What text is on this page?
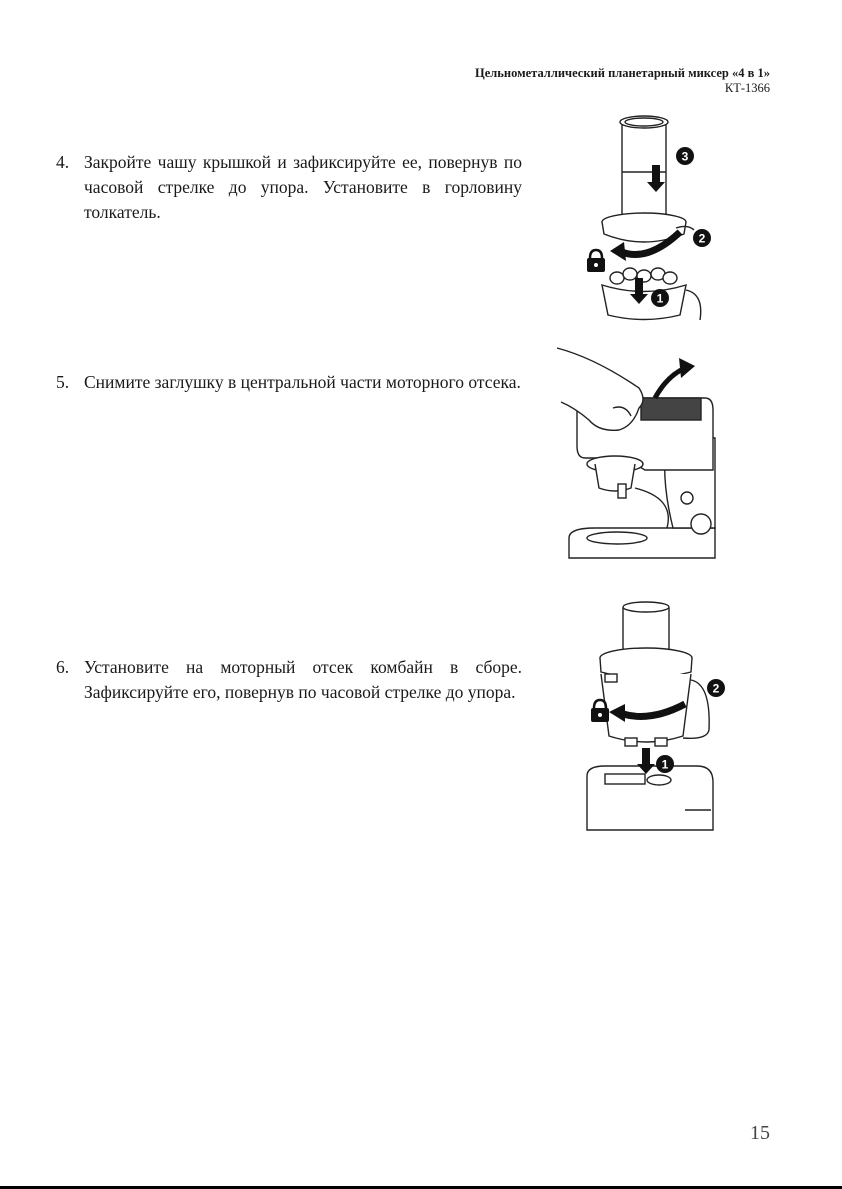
Цельнометаллический планетарный миксер «4 в 1»
КТ-1366
4. Закройте чашу крышкой и зафиксируйте ее, повернув по часовой стрелке до упора. Установите в горловину толкатель.
3
2
1
5. Снимите заглушку в центральной части моторного отсека.
6. Установите на моторный отсек комбайн в сборе. Зафиксируйте его, повернув по часовой стрелке до упора.	2
1
15
